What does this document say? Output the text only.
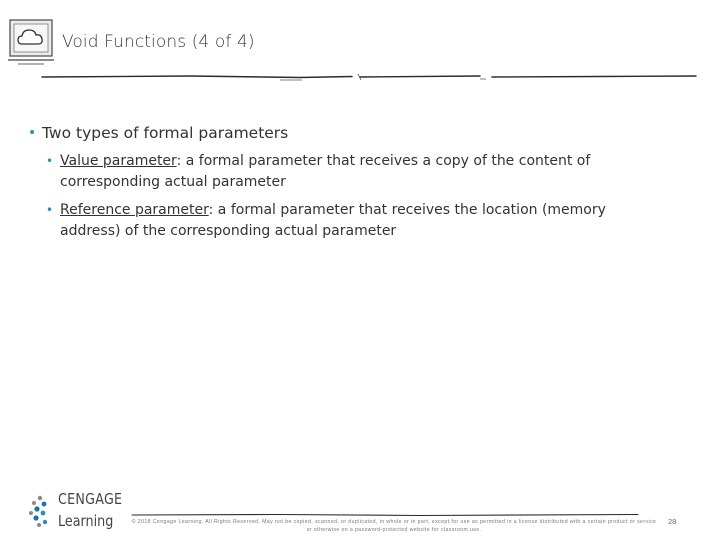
Void Functions (4 of 4)
• Two types of formal parameters
• Value parameter: a formal parameter that receives a copy of the content of corresponding actual parameter
• Reference parameter: a formal parameter that receives the location (memory address) of the corresponding actual parameter
CENGAGE
Learning	© 2018 Cengage Learning. All Rights Reserved. May not be copied, scanned, or duplicated, in whole or in part, except for use as permitted in a license distributed with a certain product or service or otherwise on a password-protected website for classroom use.
28
